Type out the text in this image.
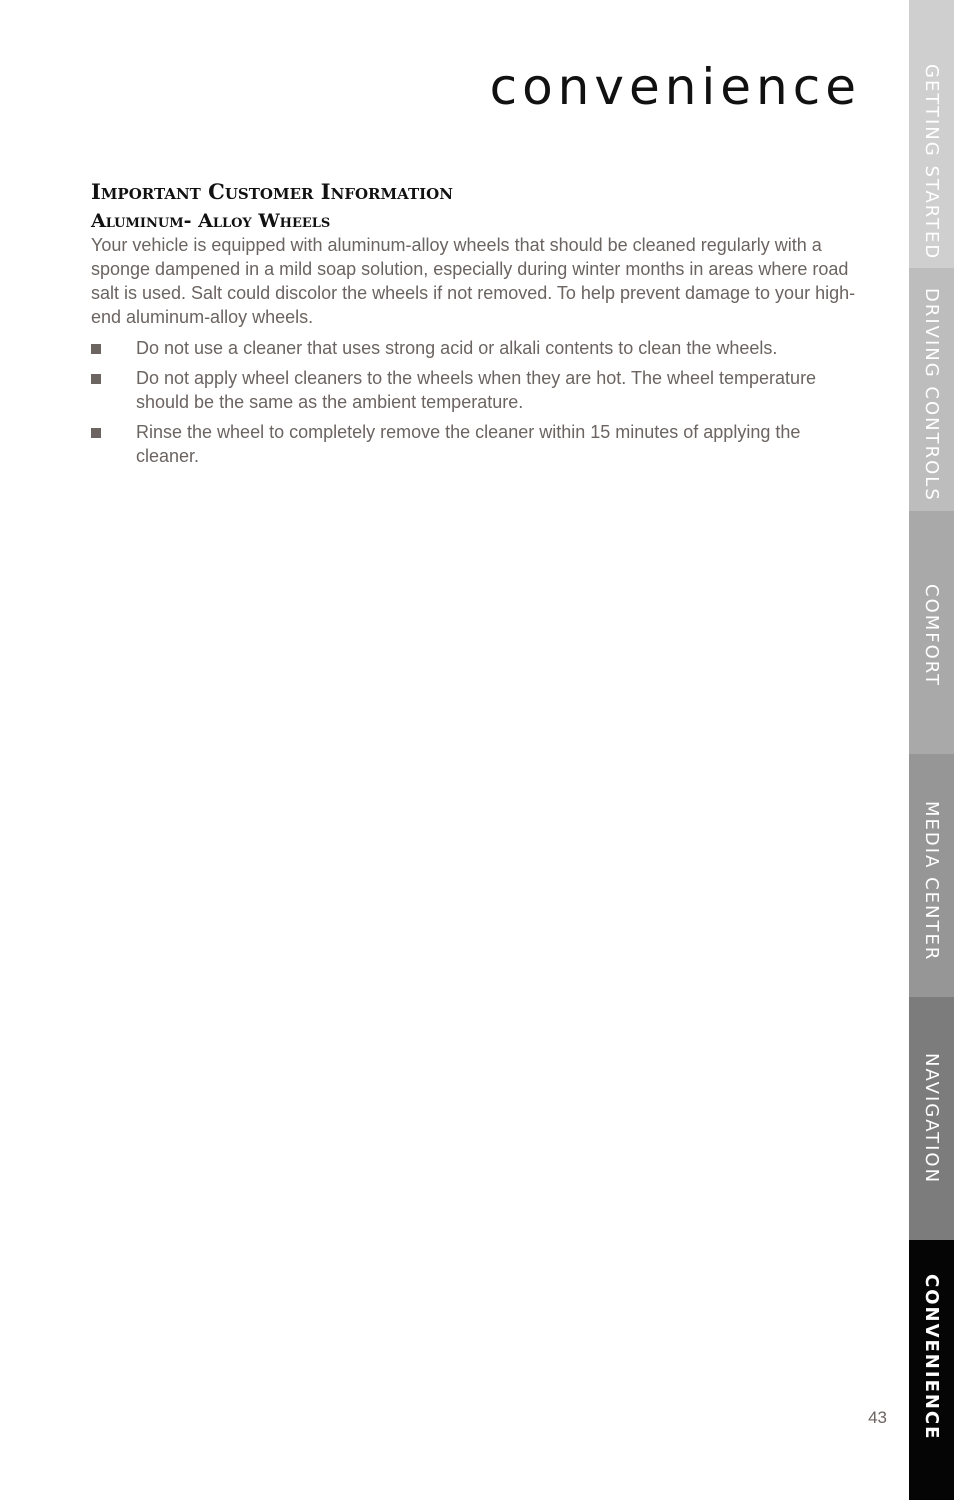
convenience
Important Customer Information
Aluminum- Alloy Wheels

Your vehicle is equipped with aluminum-alloy wheels that should be cleaned regularly with a sponge dampened in a mild soap solution, especially during winter months in areas where road salt is used. Salt could discolor the wheels if not removed. To help prevent damage to your high-end aluminum-alloy wheels.

Do not use a cleaner that uses strong acid or alkali contents to clean the wheels.
Do not apply wheel cleaners to the wheels when they are hot. The wheel temperature should be the same as the ambient temperature.
Rinse the wheel to completely remove the cleaner within 15 minutes of applying the cleaner.
43
GETTING STARTED
DRIVING CONTROLS
COMFORT
MEDIA CENTER
NAVIGATION
CONVENIENCE
